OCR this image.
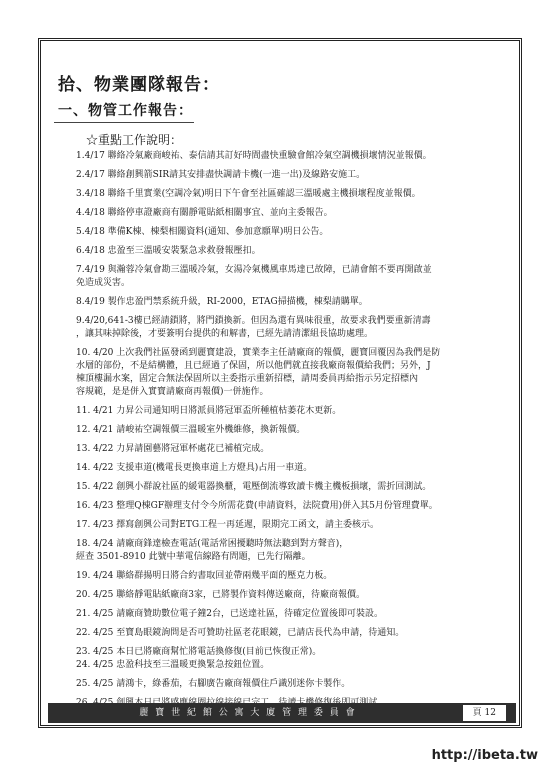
拾、物業團隊報告：
一、物管工作報告：
☆重點工作說明：
1.4/17 聯絡冷氣廠商峻祐、泰信請其訂好時間盡快重驗會館冷氣空調機損壞情況並報價。
2.4/17 聯絡創興箭SIR請其安排盡快調請卡機(一進一出)及線路安施工。
3.4/18 聯絡千里實業(空調冷氣)明日下午會至社區確認三溫暖處主機損壞程度並報價。
4.4/18 聯絡停車證廠商有關靜電貼紙相關事宜、並向主委報告。
5.4/18 準備K棟、棟梨相關資料(通知、參加意願單)明日公告。
6.4/18 忠盈至三溫暖安裝緊急求救發報壓扣。
7.4/19 與瀚蓉冷氣會勘三溫暖冷氣，女湯冷氣機風車馬達已故障，已請會館不要再開啟並
免造成災害。
8.4/19 製作忠盈門禁系統升級，RI-2000，ETAG掃描機，棟梨請購單。
9.4/20,641-3樓已經請鎖將，將門鎖換新。但因為還有異味很重，故要求我們要重新清壽
，讓其味掉除後，才要簽明台提供的和解書，已經先請清潔組長協助處理。
10. 4/20 上次我們社區發函到麗寶建設，實業李主任請廠商的報價，麗寶回覆因為我們是防
水層的部份，不是結構體，且已經過了保固，所以他們就直接我廠商報價給我們；另外，J
棟頂樓漏水案，固定合無法保固所以主委指示重新招標，請周委員再給指示另定招標內
容規範，是是併入實寶請廠商再報價)一併施作。
11. 4/21 力昇公司通知明日將派員將冠軍盃所種植枯萎花木更新。
12. 4/21 請峻祐空調報價三溫暖室外機維修，換新報價。
13. 4/22 力昇請園藝將冠軍杯處花已補植完成。
14. 4/22 支援車道(機電長更換車道上方燈具)占用一車道。
15. 4/22 創興小群說社區的緩電器換櫃，電壓倒流導致讀卡機主機板損壞，需折回測試。
16. 4/23 整理Q棟GF辦理支付令今所需花費(申請資料，法院費用)併入其5月份管理費單。
17. 4/23 擇寫創興公司對ETG工程一再延遲，限期完工函文，請主委核示。
18. 4/24 請廠商鋒達檢查電話(電話常困擾聽時無法聽到對方聲音)，
經查 3501-8910 此號中華電信線路有問題，已先行隔離。
19. 4/24 聯絡群揚明日將合約書取回並帶兩幾平面的壓克力板。
20. 4/25 聯絡靜電貼紙廠商3家，已將製作資料傳送廠商，待廠商報價。
21. 4/25 請廠商贊助數位電子鐘2台，已送達社區，待確定位置後即可裝設。
22. 4/25 至寶島眼鏡詢問是否可贊助社區老花眼鏡，已請店長代為申請，待通知。
23. 4/25 本日已將廠商幫忙將電話換修復(目前已恢復正常)。
24. 4/25 忠盈科技至三溫暖更換緊急按鈕位置。
25. 4/25 請鴻卡，綠番茄，右腳廣告廠商報價住戶識別迷你卡製作。
麗 寶 世 紀 館 公 寓 大 廈 管 理 委 員 會	頁 12
http://ibeta.tw
